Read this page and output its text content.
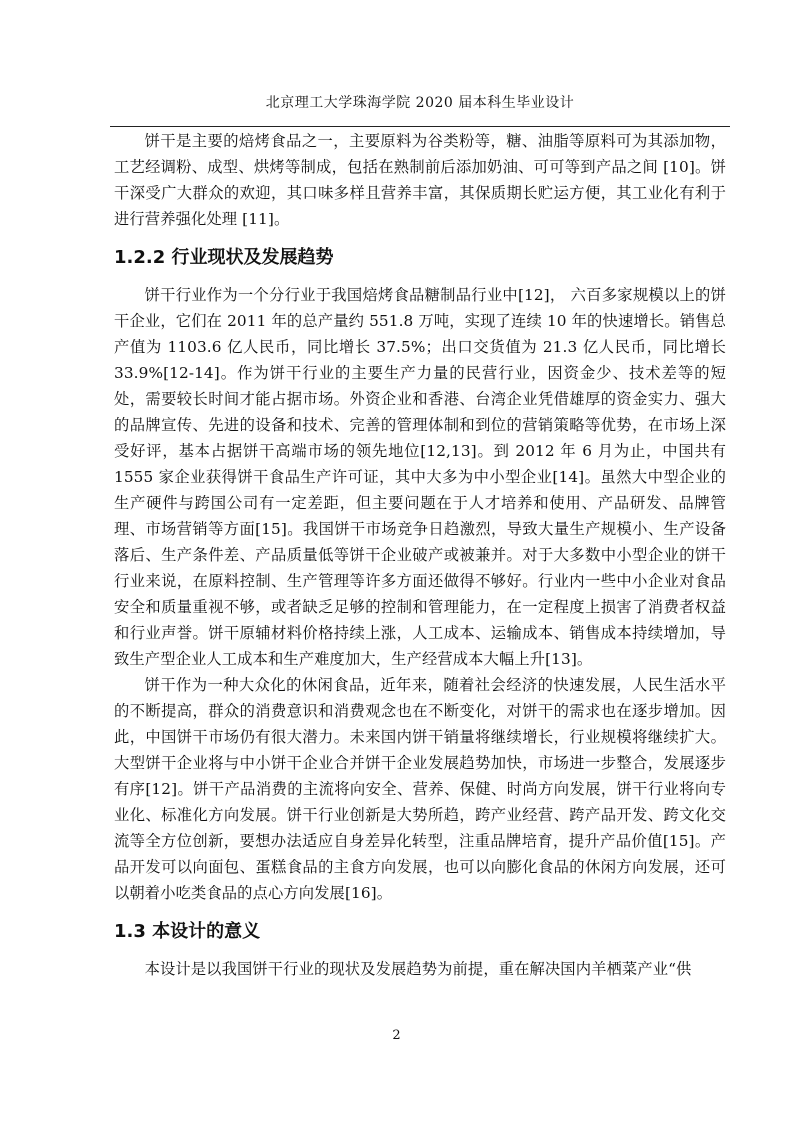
北京理工大学珠海学院 2020 届本科生毕业设计

饼干是主要的焙烤食品之一，主要原料为谷类粉等，糖、油脂等原料可为其添加物，工艺经调粉、成型、烘烤等制成，包括在熟制前后添加奶油、可可等到产品之间 [10]。饼干深受广大群众的欢迎，其口味多样且营养丰富，其保质期长贮运方便，其工业化有利于进行营养强化处理 [11]。

1.2.2 行业现状及发展趋势

饼干行业作为一个分行业于我国焙烤食品糖制品行业中[12]， 六百多家规模以上的饼干企业，它们在 2011 年的总产量约 551.8 万吨，实现了连续 10 年的快速增长。销售总产值为 1103.6 亿人民币，同比增长 37.5%；出口交货值为 21.3 亿人民币，同比增长 33.9%[12-14]。作为饼干行业的主要生产力量的民营行业，因资金少、技术差等的短处，需要较长时间才能占据市场。外资企业和香港、台湾企业凭借雄厚的资金实力、强大的品牌宣传、先进的设备和技术、完善的管理体制和到位的营销策略等优势，在市场上深受好评，基本占据饼干高端市场的领先地位[12,13]。到 2012 年 6 月为止，中国共有 1555 家企业获得饼干食品生产许可证，其中大多为中小型企业[14]。虽然大中型企业的生产硬件与跨国公司有一定差距，但主要问题在于人才培养和使用、产品研发、品牌管理、市场营销等方面[15]。我国饼干市场竞争日趋激烈，导致大量生产规模小、生产设备落后、生产条件差、产品质量低等饼干企业破产或被兼并。对于大多数中小型企业的饼干行业来说，在原料控制、生产管理等许多方面还做得不够好。行业内一些中小企业对食品安全和质量重视不够，或者缺乏足够的控制和管理能力，在一定程度上损害了消费者权益和行业声誉。饼干原辅材料价格持续上涨，人工成本、运输成本、销售成本持续增加，导致生产型企业人工成本和生产难度加大，生产经营成本大幅上升[13]。

饼干作为一种大众化的休闲食品，近年来，随着社会经济的快速发展，人民生活水平的不断提高，群众的消费意识和消费观念也在不断变化，对饼干的需求也在逐步增加。因此，中国饼干市场仍有很大潜力。未来国内饼干销量将继续增长，行业规模将继续扩大。大型饼干企业将与中小饼干企业合并饼干企业发展趋势加快，市场进一步整合，发展逐步有序[12]。饼干产品消费的主流将向安全、营养、保健、时尚方向发展，饼干行业将向专业化、标准化方向发展。饼干行业创新是大势所趋，跨产业经营、跨产品开发、跨文化交流等全方位创新，要想办法适应自身差异化转型，注重品牌培育，提升产品价值[15]。产品开发可以向面包、蛋糕食品的主食方向发展，也可以向膨化食品的休闲方向发展，还可以朝着小吃类食品的点心方向发展[16]。

1.3 本设计的意义

本设计是以我国饼干行业的现状及发展趋势为前提，重在解决国内羊栖菜产业“供

2
